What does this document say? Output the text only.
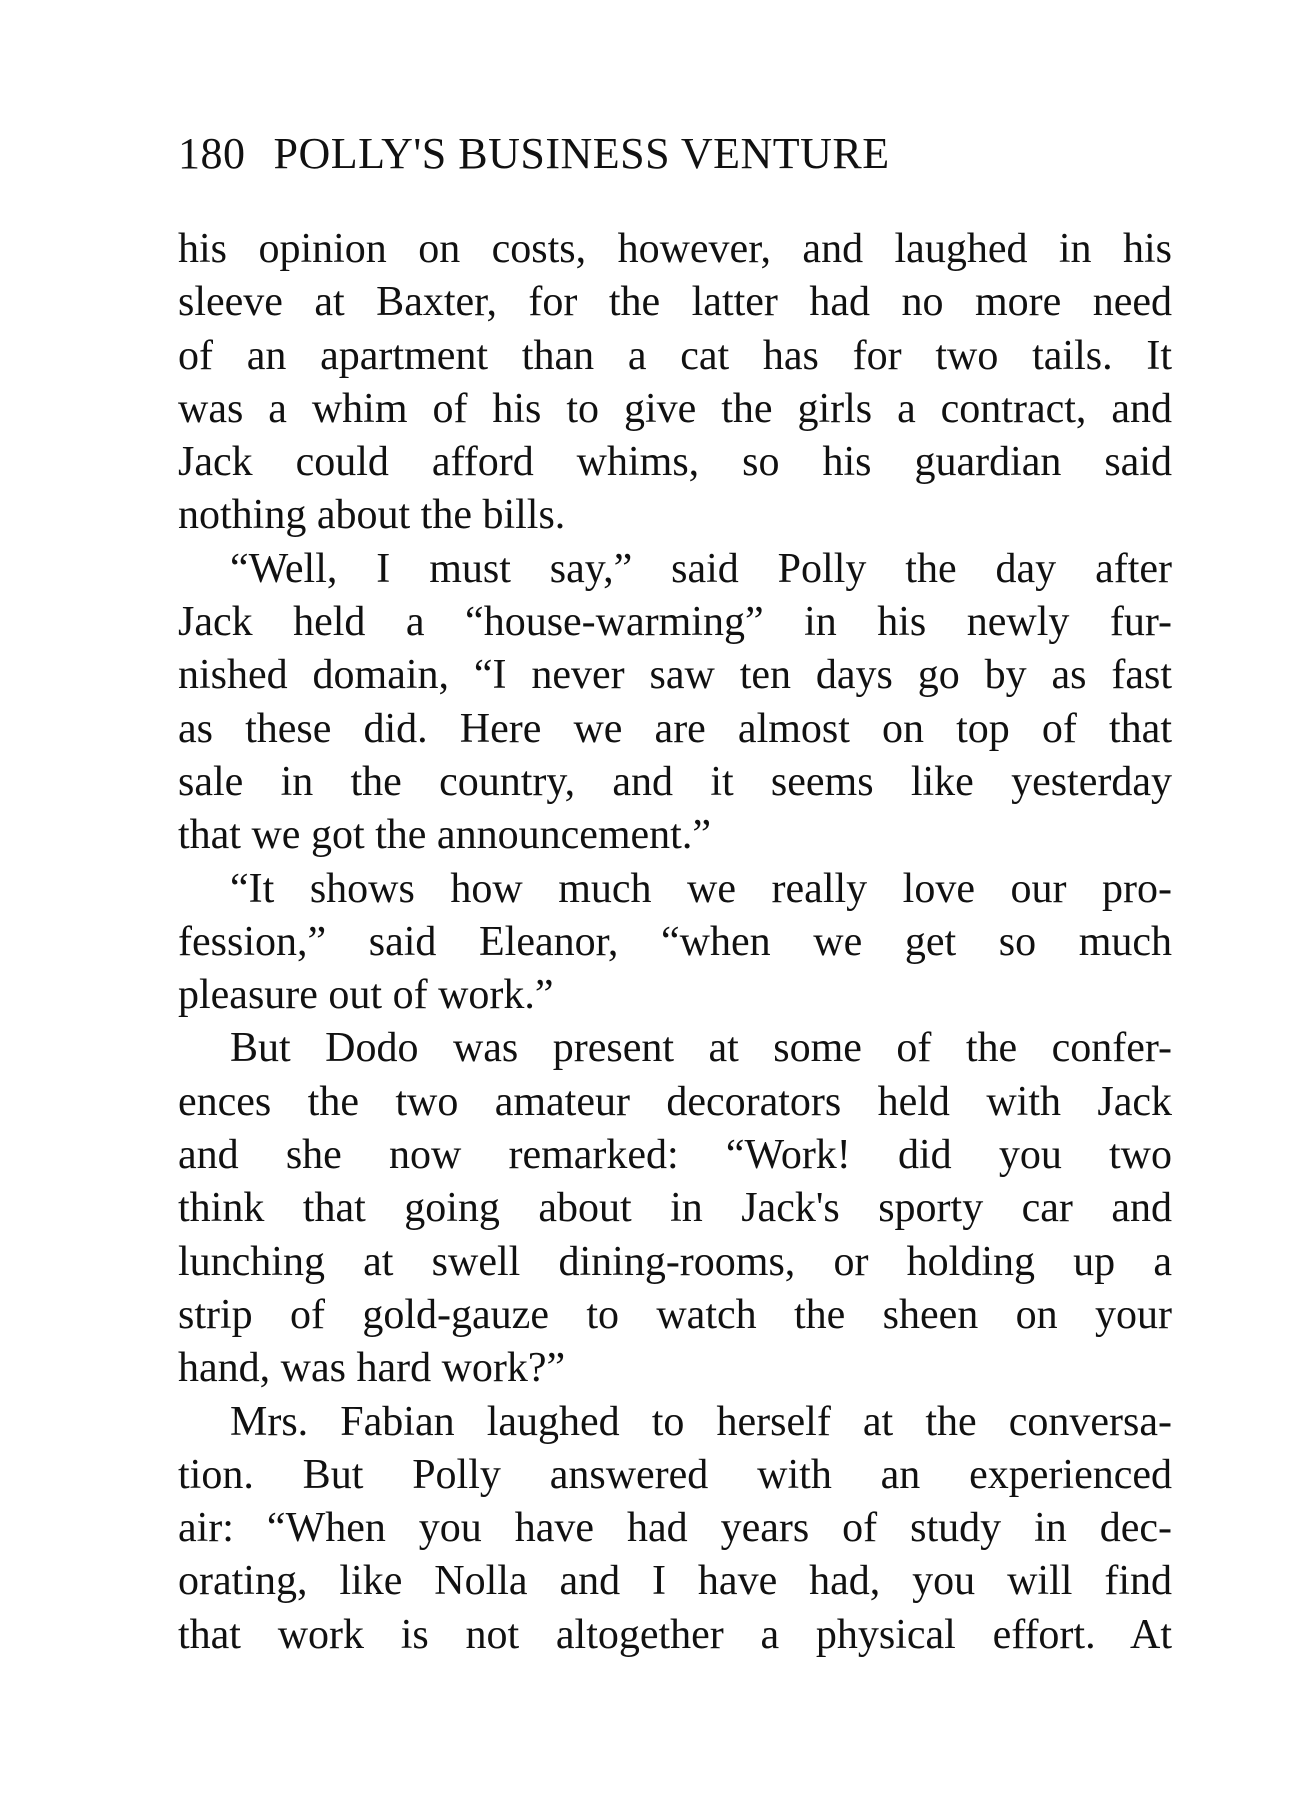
180 POLLY'S BUSINESS VENTURE
his opinion on costs, however, and laughed in his
sleeve at Baxter, for the latter had no more need
of an apartment than a cat has for two tails. It
was a whim of his to give the girls a contract, and
Jack could afford whims, so his guardian said
nothing about the bills.
“Well, I must say,” said Polly the day after
Jack held a “house-warming” in his newly fur-
nished domain, “I never saw ten days go by as fast
as these did. Here we are almost on top of that
sale in the country, and it seems like yesterday
that we got the announcement.”
“It shows how much we really love our pro-
fession,” said Eleanor, “when we get so much
pleasure out of work.”
But Dodo was present at some of the confer-
ences the two amateur decorators held with Jack
and she now remarked: “Work! did you two
think that going about in Jack's sporty car and
lunching at swell dining-rooms, or holding up a
strip of gold-gauze to watch the sheen on your
hand, was hard work?”
Mrs. Fabian laughed to herself at the conversa-
tion. But Polly answered with an experienced
air: “When you have had years of study in dec-
orating, like Nolla and I have had, you will find
that work is not altogether a physical effort. At
